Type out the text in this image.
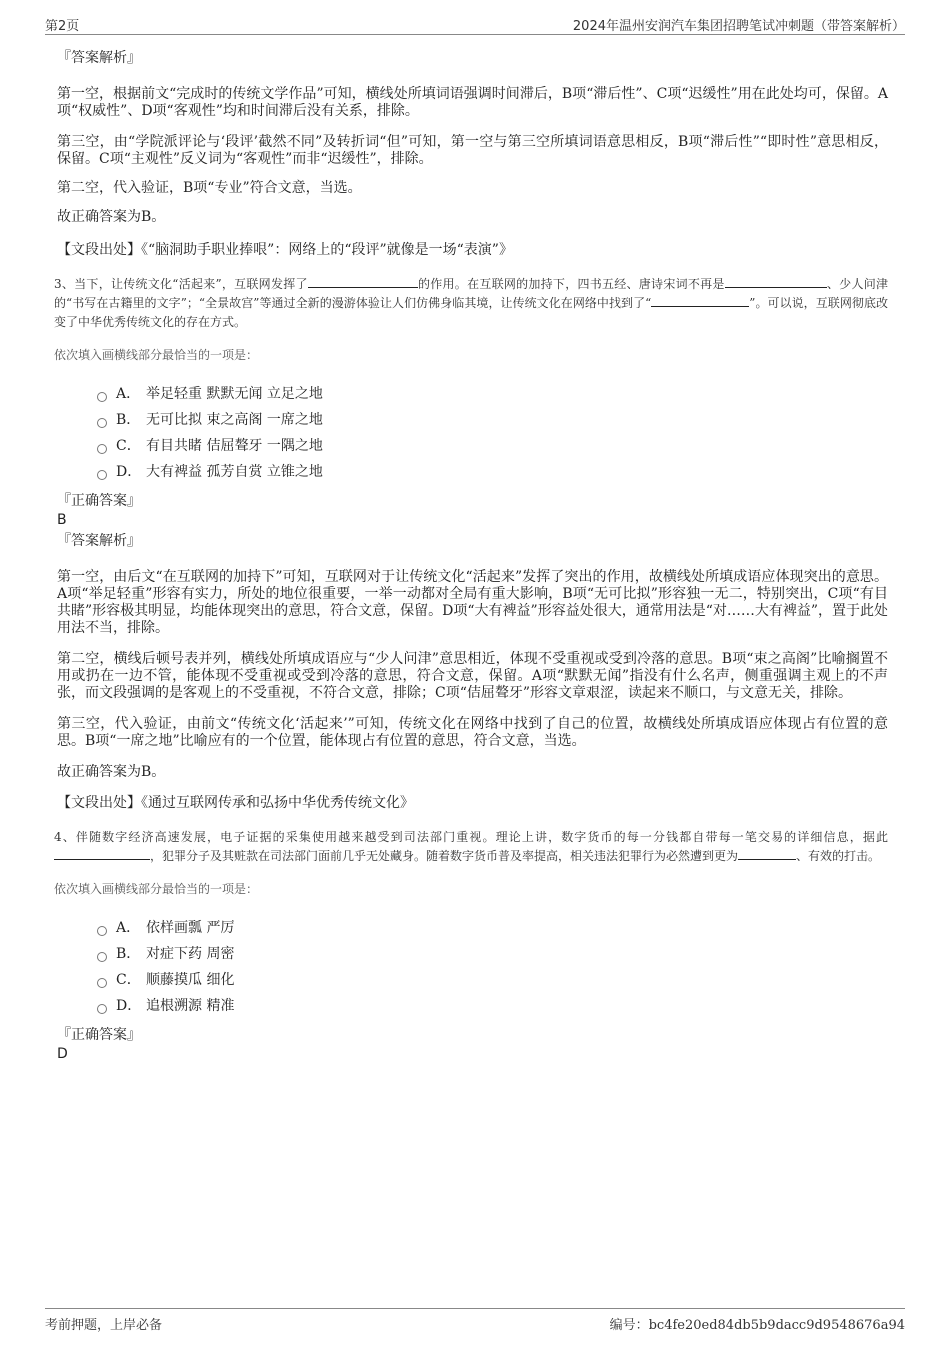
第2页	2024年温州安润汽车集团招聘笔试冲刺题（带答案解析）
『答案解析』

第一空，根据前文“完成时的传统文学作品”可知，横线处所填词语强调时间滞后，B项“滞后性”、C项“迟缓性”用在此处均可，保留。A项“权威性”、D项“客观性”均和时间滞后没有关系，排除。

第三空，由“学院派评论与‘段评’截然不同”及转折词“但”可知，第一空与第三空所填词语意思相反，B项“滞后性”“即时性”意思相反，保留。C项“主观性”反义词为“客观性”而非“迟缓性”，排除。

第二空，代入验证，B项“专业”符合文意，当选。

故正确答案为B。

【文段出处】《“脑洞助手职业捧哏”：网络上的“段评”就像是一场“表演”》

3、当下，让传统文化“活起来”，互联网发挥了	的作用。在互联网的加持下，四书五经、唐诗宋词不再是	、少人问津的“书写在古籍里的文字”；“全景故宫”等通过全新的漫游体验让人们仿佛身临其境，让传统文化在网络中找到了“	”。可以说，互联网彻底改变了中华优秀传统文化的存在方式。
依次填入画横线部分最恰当的一项是：
A． 举足轻重 默默无闻 立足之地
B． 无可比拟 束之高阁 一席之地
C． 有目共睹 佶屈聱牙 一隅之地
D． 大有裨益 孤芳自赏 立锥之地
『正确答案』
B
『答案解析』

第一空，由后文“在互联网的加持下”可知，互联网对于让传统文化“活起来”发挥了突出的作用，故横线处所填成语应体现突出的意思。A项“举足轻重”形容有实力，所处的地位很重要，一举一动都对全局有重大影响，B项“无可比拟”形容独一无二，特别突出，C项“有目共睹”形容极其明显，均能体现突出的意思，符合文意，保留。D项“大有裨益”形容益处很大，通常用法是“对……大有裨益”，置于此处用法不当，排除。

第二空，横线后顿号表并列，横线处所填成语应与“少人问津”意思相近，体现不受重视或受到冷落的意思。B项“束之高阁”比喻搁置不用或扔在一边不管，能体现不受重视或受到冷落的意思，符合文意，保留。A项“默默无闻”指没有什么名声，侧重强调主观上的不声张，而文段强调的是客观上的不受重视，不符合文意，排除；C项“佶屈聱牙”形容文章艰涩，读起来不顺口，与文意无关，排除。

第三空，代入验证，由前文“传统文化‘活起来’”可知，传统文化在网络中找到了自己的位置，故横线处所填成语应体现占有位置的意思。B项“一席之地”比喻应有的一个位置，能体现占有位置的意思，符合文意，当选。

故正确答案为B。

【文段出处】《通过互联网传承和弘扬中华优秀传统文化》

4、伴随数字经济高速发展，电子证据的采集使用越来越受到司法部门重视。理论上讲，数字货币的每一分钱都自带每一笔交易的详细信息，据此，犯罪分子及其赃款在司法部门面前几乎无处藏身。随着数字货币普及率提高，相关违法犯罪行为必然遭到更为	、有效的打击。
依次填入画横线部分最恰当的一项是：
A． 依样画瓢 严厉
B． 对症下药 周密
C． 顺藤摸瓜 细化
D． 追根溯源 精准
『正确答案』
D
考前押题，上岸必备	编号：bc4fe20ed84db5b9dacc9d9548676a94
